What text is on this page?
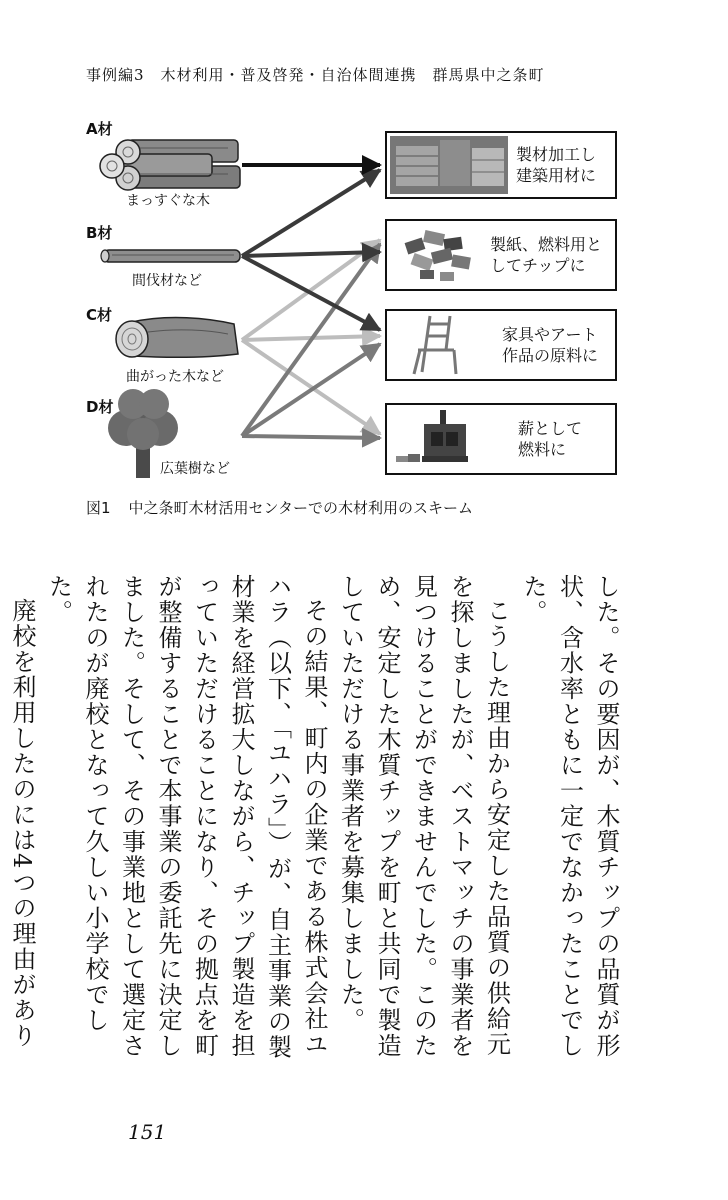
事例編3　木材利用・普及啓発・自治体間連携　群馬県中之条町
A材
まっすぐな木
B材
間伐材など
C材
曲がった木など
D材
広葉樹など
製材加工し
建築用材に
製紙、燃料用と
してチップに
家具やアート
作品の原料に
薪として
燃料に
図1 中之条町木材活用センターでの木材利用のスキーム

した。その要因が、木質チップの品質が形状、含水率ともに一定でなかったことでした。

こうした理由から安定した品質の供給元を探しましたが、ベストマッチの事業者を見つけることができませんでした。このため、安定した木質チップを町と共同で製造していただける事業者を募集しました。

その結果、町内の企業である株式会社ユハラ（以下、「ユハラ」）が、自主事業の製材業を経営拡大しながら、チップ製造を担っていただけることになり、その拠点を町が整備することで本事業の委託先に決定しました。そして、その事業地として選定されたのが廃校となって久しい小学校でした。

廃校を利用したのには4つの理由があり

151
